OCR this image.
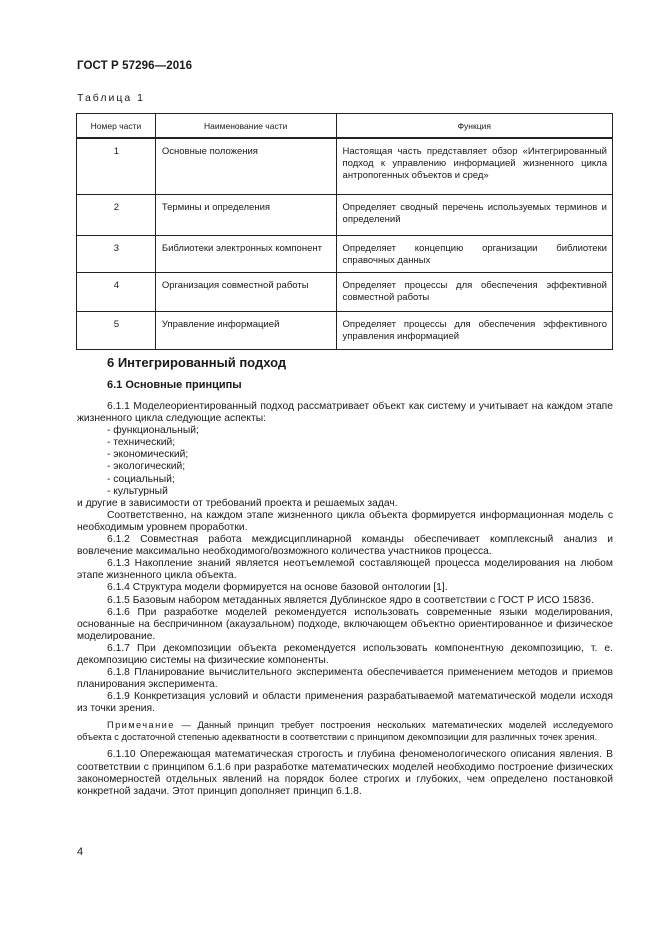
ГОСТ Р 57296—2016
Таблица 1
Номер части	Наименование части	Функция
1	Основные положения	Настоящая часть представляет обзор «Интегрированный подход к управлению информацией жизненного цикла антропогенных объектов и сред»
2	Термины и определения	Определяет сводный перечень используемых терминов и определений
3	Библиотеки электронных компонент	Определяет концепцию организации библиотеки справочных данных
4	Организация совместной работы	Определяет процессы для обеспечения эффективной совместной работы
5	Управление информацией	Определяет процессы для обеспечения эффективного управления информацией
6 Интегрированный подход
6.1 Основные принципы

6.1.1 Моделеориентированный подход рассматривает объект как систему и учитывает на каждом этапе жизненного цикла следующие аспекты:

- функциональный;
- технический;
- экономический;
- экологический;
- социальный;
- культурный

и другие в зависимости от требований проекта и решаемых задач.

Соответственно, на каждом этапе жизненного цикла объекта формируется информационная модель с необходимым уровнем проработки.

6.1.2 Совместная работа междисциплинарной команды обеспечивает комплексный анализ и вовлечение максимально необходимого/возможного количества участников процесса.

6.1.3 Накопление знаний является неотъемлемой составляющей процесса моделирования на любом этапе жизненного цикла объекта.

6.1.4 Структура модели формируется на основе базовой онтологии [1].

6.1.5 Базовым набором метаданных является Дублинское ядро в соответствии с ГОСТ Р ИСО 15836.

6.1.6 При разработке моделей рекомендуется использовать современные языки моделирования, основанные на беспричинном (акаузальном) подходе, включающем объектно ориентированное и физическое моделирование.

6.1.7 При декомпозиции объекта рекомендуется использовать компонентную декомпозицию, т. е. декомпозицию системы на физические компоненты.

6.1.8 Планирование вычислительного эксперимента обеспечивается применением методов и приемов планирования эксперимента.

6.1.9 Конкретизация условий и области применения разрабатываемой математической модели исходя из точки зрения.

Примечание — Данный принцип требует построения нескольких математических моделей исследуемого объекта с достаточной степенью адекватности в соответствии с принципом декомпозиции для различных точек зрения.

6.1.10 Опережающая математическая строгость и глубина феноменологического описания явления. В соответствии с принципом 6.1.6 при разработке математических моделей необходимо построение физических закономерностей отдельных явлений на порядок более строгих и глубоких, чем определено постановкой конкретной задачи. Этот принцип дополняет принцип 6.1.8.

4
